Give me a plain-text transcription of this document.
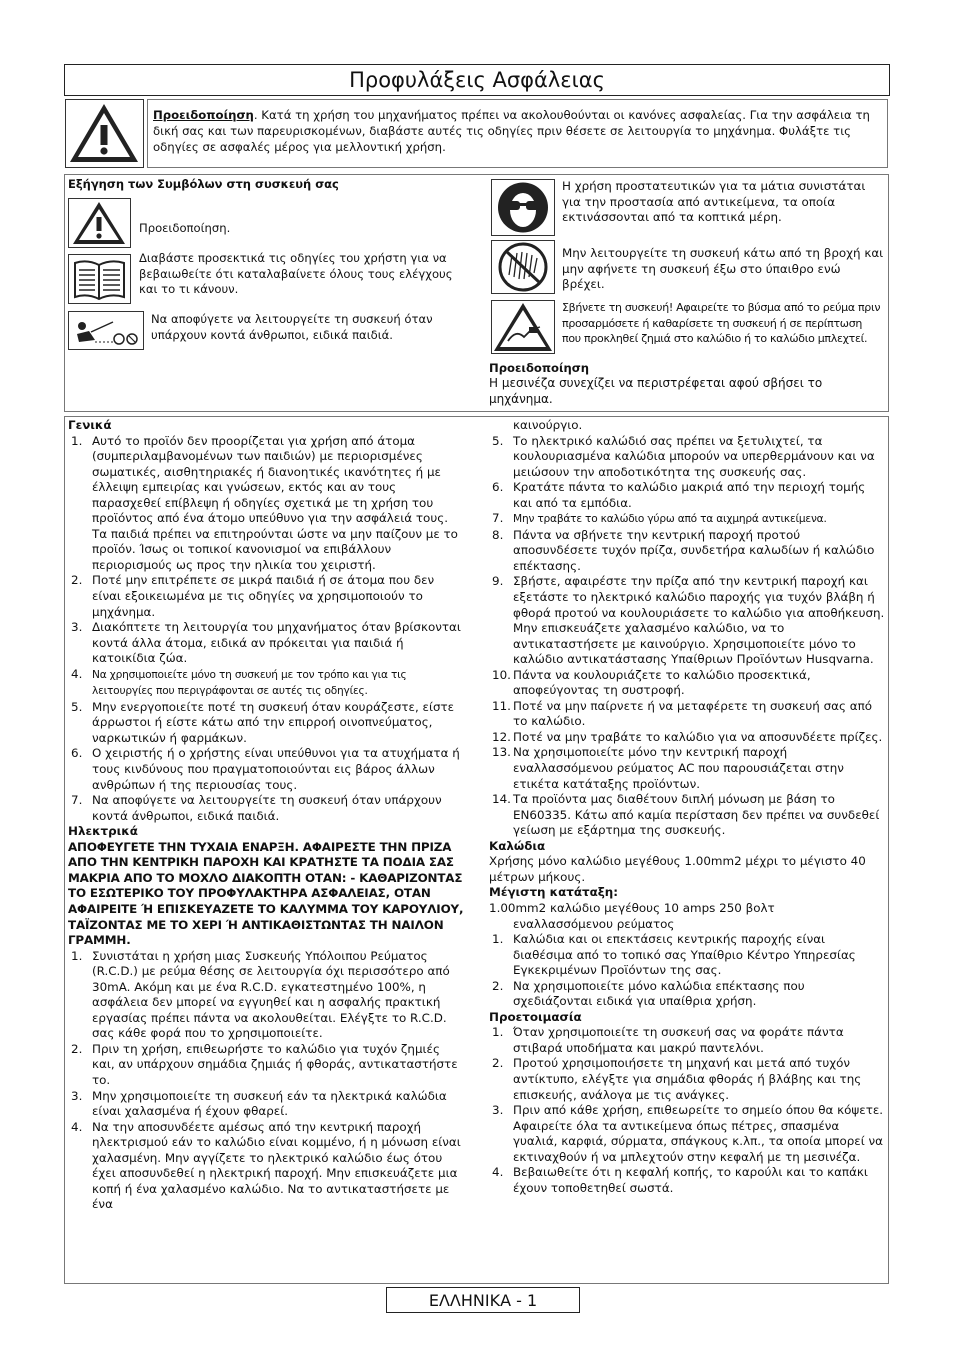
Προφυλάξεις Ασφάλειας
Προειδοποίηση. Κατά τη χρήση του μηχανήματος πρέπει να ακολουθούνται οι κανόνες ασφαλείας. Για την ασφάλεια τη δική σας και των παρευρισκομένων, διαβάστε αυτές τις οδηγίες πριν θέσετε σε λειτουργία το μηχάνημα. Φυλάξτε τις οδηγίες σε ασφαλές μέρος για μελλοντική χρήση.

Εξήγηση των Συμβόλων στη συσκευή σας

Προειδοποίηση.

Διαβάστε προσεκτικά τις οδηγίες του χρήστη για να βεβαιωθείτε ότι καταλαβαίνετε όλους τους ελέγχους και το τι κάνουν.

Να αποφύγετε να λειτουργείτε τη συσκευή όταν υπάρχουν κοντά άνθρωποι, ειδικά παιδιά.

Η χρήση προστατευτικών για τα μάτια συνιστάται για την προστασία από αντικείμενα, τα οποία εκτινάσσονται από τα κοπτικά μέρη.

Μην λειτουργείτε τη συσκευή κάτω από τη βροχή και μην αφήνετε τη συσκευή έξω στο ύπαιθρο ενώ βρέχει.

Σβήνετε τη συσκευή! Αφαιρείτε το βύσμα από το ρεύμα πριν προσαρμόσετε ή καθαρίσετε τη συσκευή ή σε περίπτωση που προκληθεί ζημιά στο καλώδιο ή το καλώδιο μπλεχτεί.

Προειδοποίηση

Η μεσινέζα συνεχίζει να περιστρέφεται αφού σβήσει το μηχάνημα.

Γενικά
1. Αυτό το προϊόν δεν προορίζεται για χρήση από άτομα (συμπεριλαμβανομένων των παιδιών) με περιορισμένες σωματικές, αισθητηριακές ή διανοητικές ικανότητες ή με έλλειψη εμπειρίας και γνώσεων, εκτός και αν τους παρασχεθεί επίβλεψη ή οδηγίες σχετικά με τη χρήση του προϊόντος από ένα άτομο υπεύθυνο για την ασφάλειά τους. Τα παιδιά πρέπει να επιτηρούνται ώστε να μην παίζουν με το προϊόν. Ίσως οι τοπικοί κανονισμοί να επιβάλλουν περιορισμούς ως προς την ηλικία του χειριστή.
2. Ποτέ μην επιτρέπετε σε μικρά παιδιά ή σε άτομα που δεν είναι εξοικειωμένα με τις οδηγίες να χρησιμοποιούν το μηχάνημα.
3. Διακόπτετε τη λειτουργία του μηχανήματος όταν βρίσκονται κοντά άλλα άτομα, ειδικά αν πρόκειται για παιδιά ή κατοικίδια ζώα.
4. Να χρησιμοποιείτε μόνο τη συσκευή με τον τρόπο και για τις λειτουργίες που περιγράφονται σε αυτές τις οδηγίες.
5. Μην ενεργοποιείτε ποτέ τη συσκευή όταν κουράζεστε, είστε άρρωστοι ή είστε κάτω από την επιρροή οινοπνεύματος, ναρκωτικών ή φαρμάκων.
6. Ο χειριστής ή ο χρήστης είναι υπεύθυνοι για τα ατυχήματα ή τους κινδύνους που πραγματοποιούνται εις βάρος άλλων ανθρώπων ή της περιουσίας τους.
7. Να αποφύγετε να λειτουργείτε τη συσκευή όταν υπάρχουν κοντά άνθρωποι, ειδικά παιδιά.
Ηλεκτρικά
ΑΠΟΦΕΥΓΕΤΕ ΤΗΝ ΤΥΧΑΙΑ ΕΝΑΡΞΗ. ΑΦΑΙΡΕΣΤΕ ΤΗΝ ΠΡΙΖΑ ΑΠΟ ΤΗΝ ΚΕΝΤΡΙΚΗ ΠΑΡΟΧΗ ΚΑΙ ΚΡΑΤΗΣΤΕ ΤΑ ΠΟΔΙΑ ΣΑΣ ΜΑΚΡΙΑ ΑΠΟ ΤΟ ΜΟΧΛΟ ΔΙΑΚΟΠΤΗ ΟΤΑΝ: - ΚΑΘΑΡΙΖΟΝΤΑΣ ΤΟ ΕΣΩΤΕΡΙΚΟ ΤΟΥ ΠΡΟΦΥΛΑΚΤΗΡΑ ΑΣΦΑΛΕΙΑΣ, ΟΤΑΝ ΑΦΑΙΡΕΙΤΕ Ή ΕΠΙΣΚΕΥΑΖΕΤΕ ΤΟ ΚΑΛΥΜΜΑ ΤΟΥ ΚΑΡΟΥΛΙΟΥ, ΤΑΪΖΟΝΤΑΣ ΜΕ ΤΟ ΧΕΡΙ Ή ΑΝΤΙΚΑΘΙΣΤΩΝΤΑΣ ΤΗ ΝΑΙΛΟΝ ΓΡΑΜΜΗ.
1. Συνιστάται η χρήση μιας Συσκευής Υπόλοιπου Ρεύματος (R.C.D.) με ρεύμα θέσης σε λειτουργία όχι περισσότερο από 30mA. Ακόμη και με ένα R.C.D. εγκατεστημένο 100%, η ασφάλεια δεν μπορεί να εγγυηθεί και η ασφαλής πρακτική εργασίας πρέπει πάντα να ακολουθείται. Ελέγξτε το R.C.D. σας κάθε φορά που το χρησιμοποιείτε.
2. Πριν τη χρήση, επιθεωρήστε το καλώδιο για τυχόν ζημιές και, αν υπάρχουν σημάδια ζημιάς ή φθοράς, αντικαταστήστε το.
3. Μην χρησιμοποιείτε τη συσκευή εάν τα ηλεκτρικά καλώδια είναι χαλασμένα ή έχουν φθαρεί.
4. Να την αποσυνδέετε αμέσως από την κεντρική παροχή ηλεκτρισμού εάν το καλώδιο είναι κομμένο, ή η μόνωση είναι χαλασμένη. Μην αγγίζετε το ηλεκτρικό καλώδιο έως ότου έχει αποσυνδεθεί η ηλεκτρική παροχή. Μην επισκευάζετε μια κοπή ή ένα χαλασμένο καλώδιο. Να το αντικαταστήσετε με ένα
καινούργιο.
5. Το ηλεκτρικό καλώδιό σας πρέπει να ξετυλιχτεί, τα κουλουριασμένα καλώδια μπορούν να υπερθερμάνουν και να μειώσουν την αποδοτικότητα της συσκευής σας.
6. Κρατάτε πάντα το καλώδιο μακριά από την περιοχή τομής και από τα εμπόδια.
7. Μην τραβάτε το καλώδιο γύρω από τα αιχμηρά αντικείμενα.
8. Πάντα να σβήνετε την κεντρική παροχή προτού αποσυνδέσετε τυχόν πρίζα, συνδετήρα καλωδίων ή καλώδιο επέκτασης.
9. Σβήστε, αφαιρέστε την πρίζα από την κεντρική παροχή και εξετάστε το ηλεκτρικό καλώδιο παροχής για τυχόν βλάβη ή φθορά προτού να κουλουριάσετε το καλώδιο για αποθήκευση. Μην επισκευάζετε χαλασμένο καλώδιο, να το αντικαταστήσετε με καινούργιο. Χρησιμοποιείτε μόνο το καλώδιο αντικατάστασης Υπαίθριων Προϊόντων Husqvarna.
10. Πάντα να κουλουριάζετε το καλώδιο προσεκτικά, αποφεύγοντας τη συστροφή.
11. Ποτέ να μην παίρνετε ή να μεταφέρετε τη συσκευή σας από το καλώδιο.
12. Ποτέ να μην τραβάτε το καλώδιο για να αποσυνδέετε πρίζες.
13. Να χρησιμοποιείτε μόνο την κεντρική παροχή εναλλασσόμενου ρεύματος AC που παρουσιάζεται στην ετικέτα κατάταξης προϊόντων.
14. Τα προϊόντα μας διαθέτουν διπλή μόνωση με βάση το EN60335. Κάτω από καμία περίσταση δεν πρέπει να συνδεθεί γείωση με εξάρτημα της συσκευής.
Καλώδια
Χρήσης μόνο καλώδιο μεγέθους 1.00mm2 μέχρι το μέγιστο 40 μέτρων μήκους.
Μέγιστη κατάταξη:
1.00mm2 καλώδιο μεγέθους 10 amps 250 βολτ
εναλλασσόμενου ρεύματος
1. Καλώδια και οι επεκτάσεις κεντρικής παροχής είναι διαθέσιμα από το τοπικό σας Υπαίθριο Κέντρο Υπηρεσίας Εγκεκριμένων Προϊόντων της σας.
2. Να χρησιμοποιείτε μόνο καλώδια επέκτασης που σχεδιάζονται ειδικά για υπαίθρια χρήση.
Προετοιμασία
1. Όταν χρησιμοποιείτε τη συσκευή σας να φοράτε πάντα στιβαρά υποδήματα και μακρύ παντελόνι.
2. Προτού χρησιμοποιήσετε τη μηχανή και μετά από τυχόν αντίκτυπο, ελέγξτε για σημάδια φθοράς ή βλάβης και της επισκευής, ανάλογα με τις ανάγκες.
3. Πριν από κάθε χρήση, επιθεωρείτε το σημείο όπου θα κόψετε. Αφαιρείτε όλα τα αντικείμενα όπως πέτρες, σπασμένα γυαλιά, καρφιά, σύρματα, σπάγκους κ.λπ., τα οποία μπορεί να εκτιναχθούν ή να μπλεχτούν στην κεφαλή με τη μεσινέζα.
4. Βεβαιωθείτε ότι η κεφαλή κοπής, το καρούλι και το καπάκι έχουν τοποθετηθεί σωστά.
ΕΛΛΗΝΙΚΑ - 1
